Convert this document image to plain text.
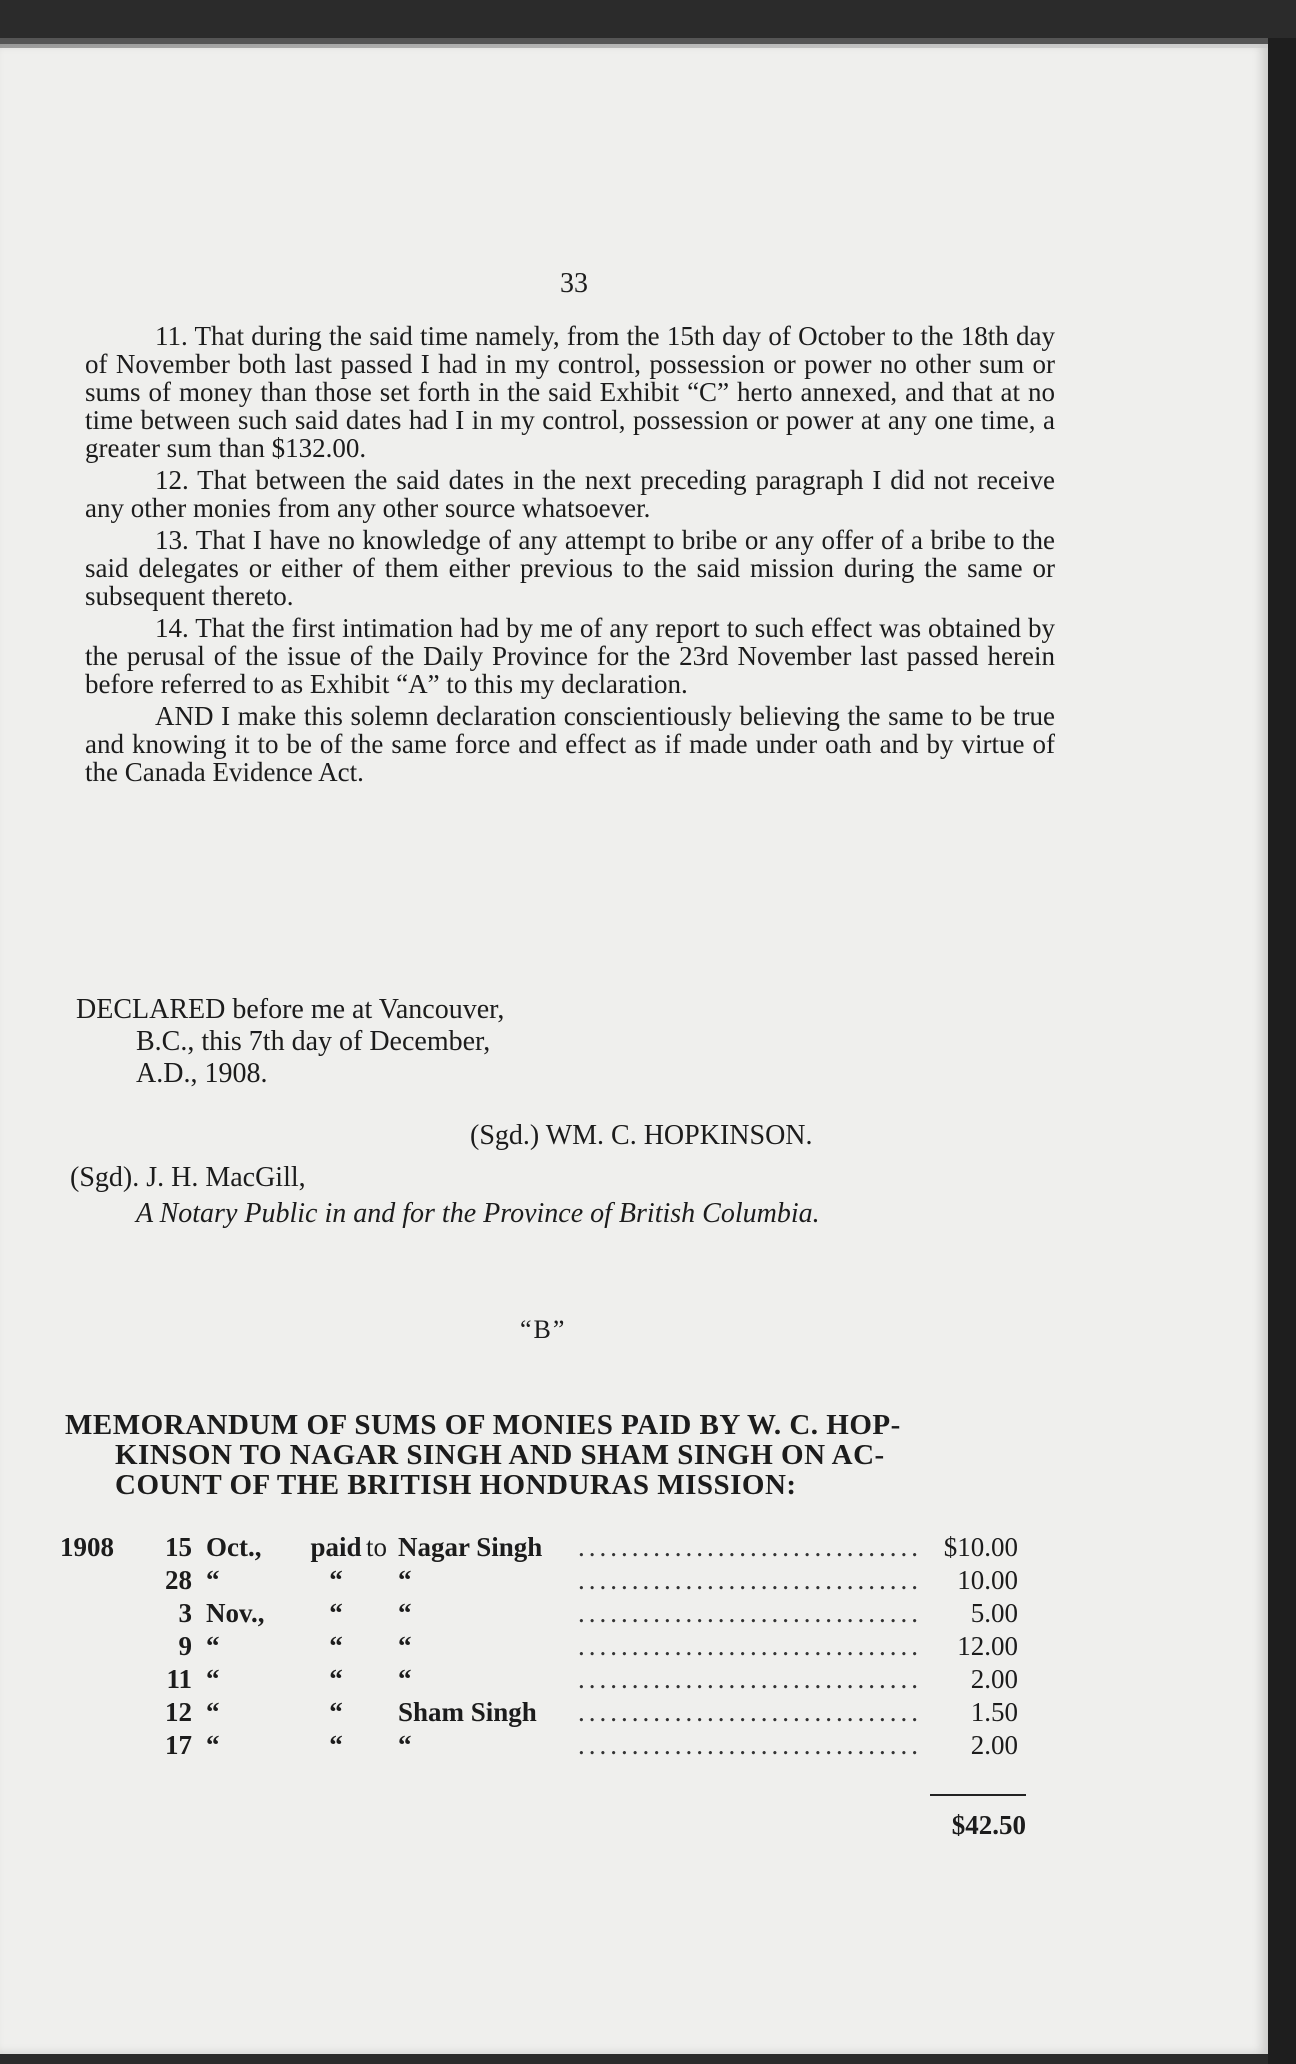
33

11. That during the said time namely, from the 15th day of October to the 18th day of November both last passed I had in my control, possession or power no other sum or sums of money than those set forth in the said Exhibit “C” herto annexed, and that at no time between such said dates had I in my control, possession or power at any one time, a greater sum than $132.00.

12. That between the said dates in the next preceding paragraph I did not receive any other monies from any other source whatsoever.

13. That I have no knowledge of any attempt to bribe or any offer of a bribe to the said delegates or either of them either previous to the said mission during the same or subsequent thereto.

14. That the first intimation had by me of any report to such effect was obtained by the perusal of the issue of the Daily Province for the 23rd November last passed herein before referred to as Exhibit “A” to this my declaration.

AND I make this solemn declaration conscientiously believing the same to be true and knowing it to be of the same force and effect as if made under oath and by virtue of the Canada Evidence Act.

DECLARED before me at Vancouver,
B.C., this 7th day of December,
A.D., 1908.
(Sgd.) WM. C. HOPKINSON.
(Sgd). J. H. MacGill,
A Notary Public in and for the Province of British Columbia.
“B”
MEMORANDUM OF SUMS OF MONIES PAID BY W. C. HOP-
KINSON TO NAGAR SINGH AND SHAM SINGH ON AC-
COUNT OF THE BRITISH HONDURAS MISSION:
1908	15	Oct.,	paid	to	Nagar Singh	................................	$10.00
	28	“	“		“	................................	10.00
	3	Nov.,	“		“	................................	5.00
	9	“	“		“	................................	12.00
	11	“	“		“	................................	2.00
	12	“	“		Sham Singh	................................	1.50
	17	“	“		“	................................	2.00
$42.50
